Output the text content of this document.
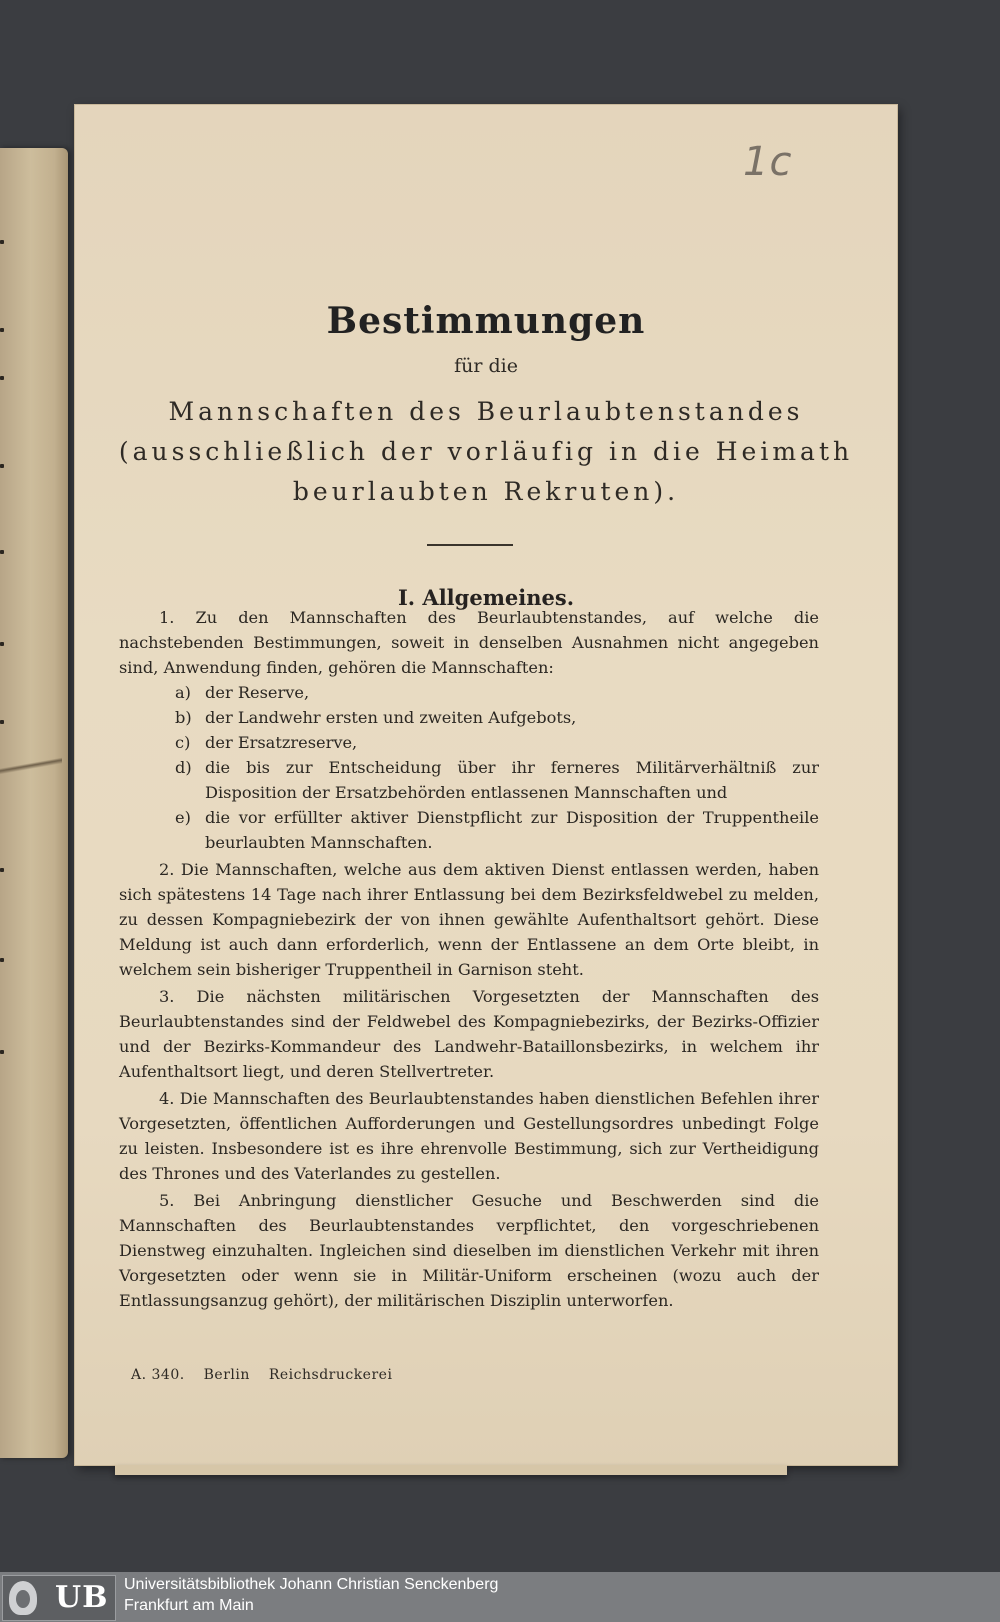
1c
Bestimmungen
für die
Mannschaften des Beurlaubtenstandes
(ausschließlich der vorläufig in die Heimath
beurlaubten Rekruten).
I. Allgemeines.

1. Zu den Mannschaften des Beurlaubtenstandes, auf welche die nachstebenden Bestimmungen, soweit in denselben Ausnahmen nicht angegeben sind, Anwendung finden, gehören die Mannschaften:

a) der Reserve,
b) der Landwehr ersten und zweiten Aufgebots,
c) der Ersatzreserve,
d) die bis zur Entscheidung über ihr ferneres Militärverhältniß zur Disposition der Ersatzbehörden entlassenen Mannschaften und
e) die vor erfüllter aktiver Dienstpflicht zur Disposition der Truppentheile beurlaubten Mannschaften.

2. Die Mannschaften, welche aus dem aktiven Dienst entlassen werden, haben sich spätestens 14 Tage nach ihrer Entlassung bei dem Bezirksfeldwebel zu melden, zu dessen Kompagniebezirk der von ihnen gewählte Aufenthaltsort gehört. Diese Meldung ist auch dann erforderlich, wenn der Entlassene an dem Orte bleibt, in welchem sein bisheriger Truppentheil in Garnison steht.

3. Die nächsten militärischen Vorgesetzten der Mannschaften des Beurlaubtenstandes sind der Feldwebel des Kompagniebezirks, der Bezirks-Offizier und der Bezirks-Kommandeur des Landwehr-Bataillonsbezirks, in welchem ihr Aufenthaltsort liegt, und deren Stellvertreter.

4. Die Mannschaften des Beurlaubtenstandes haben dienstlichen Befehlen ihrer Vorgesetzten, öffentlichen Aufforderungen und Gestellungsordres unbedingt Folge zu leisten. Insbesondere ist es ihre ehrenvolle Bestimmung, sich zur Vertheidigung des Thrones und des Vaterlandes zu gestellen.

5. Bei Anbringung dienstlicher Gesuche und Beschwerden sind die Mannschaften des Beurlaubtenstandes verpflichtet, den vorgeschriebenen Dienstweg einzuhalten. Ingleichen sind dieselben im dienstlichen Verkehr mit ihren Vorgesetzten oder wenn sie in Militär-Uniform erscheinen (wozu auch der Entlassungsanzug gehört), der militärischen Disziplin unterworfen.

A. 340. Berlin Reichsdruckerei
UB Universitätsbibliothek Johann Christian Senckenberg
Frankfurt am Main
